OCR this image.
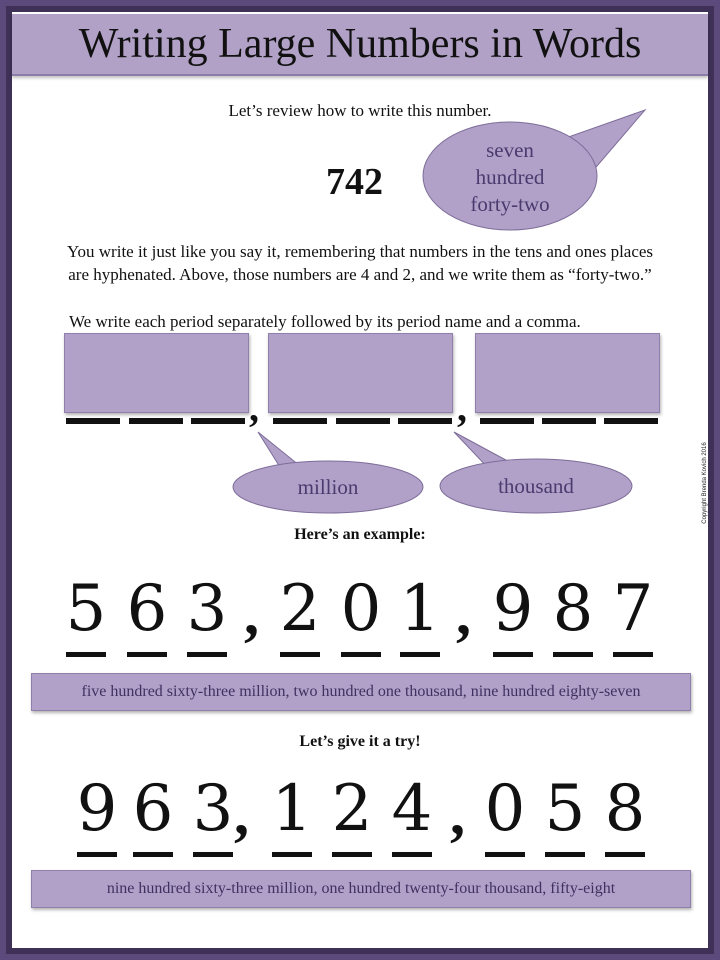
Writing Large Numbers in Words
Let’s review how to write this number.
742
seven
hundred
forty-two
You write it just like you say it, remembering that numbers in the tens and ones places
are hyphenated. Above, those numbers are 4 and 2, and we write them as “forty-two.”
We write each period separately followed by its period name and a comma.
,	,
million	thousand	Copyright Brenda Kovich 2016
Here’s an example:
5 6 3 , 2 0 1 , 9 8 7
five hundred sixty-three million, two hundred one thousand, nine hundred eighty-seven
Let’s give it a try!
9 6 3 , 1 2 4 , 0 5 8
nine hundred sixty-three million, one hundred twenty-four thousand, fifty-eight
